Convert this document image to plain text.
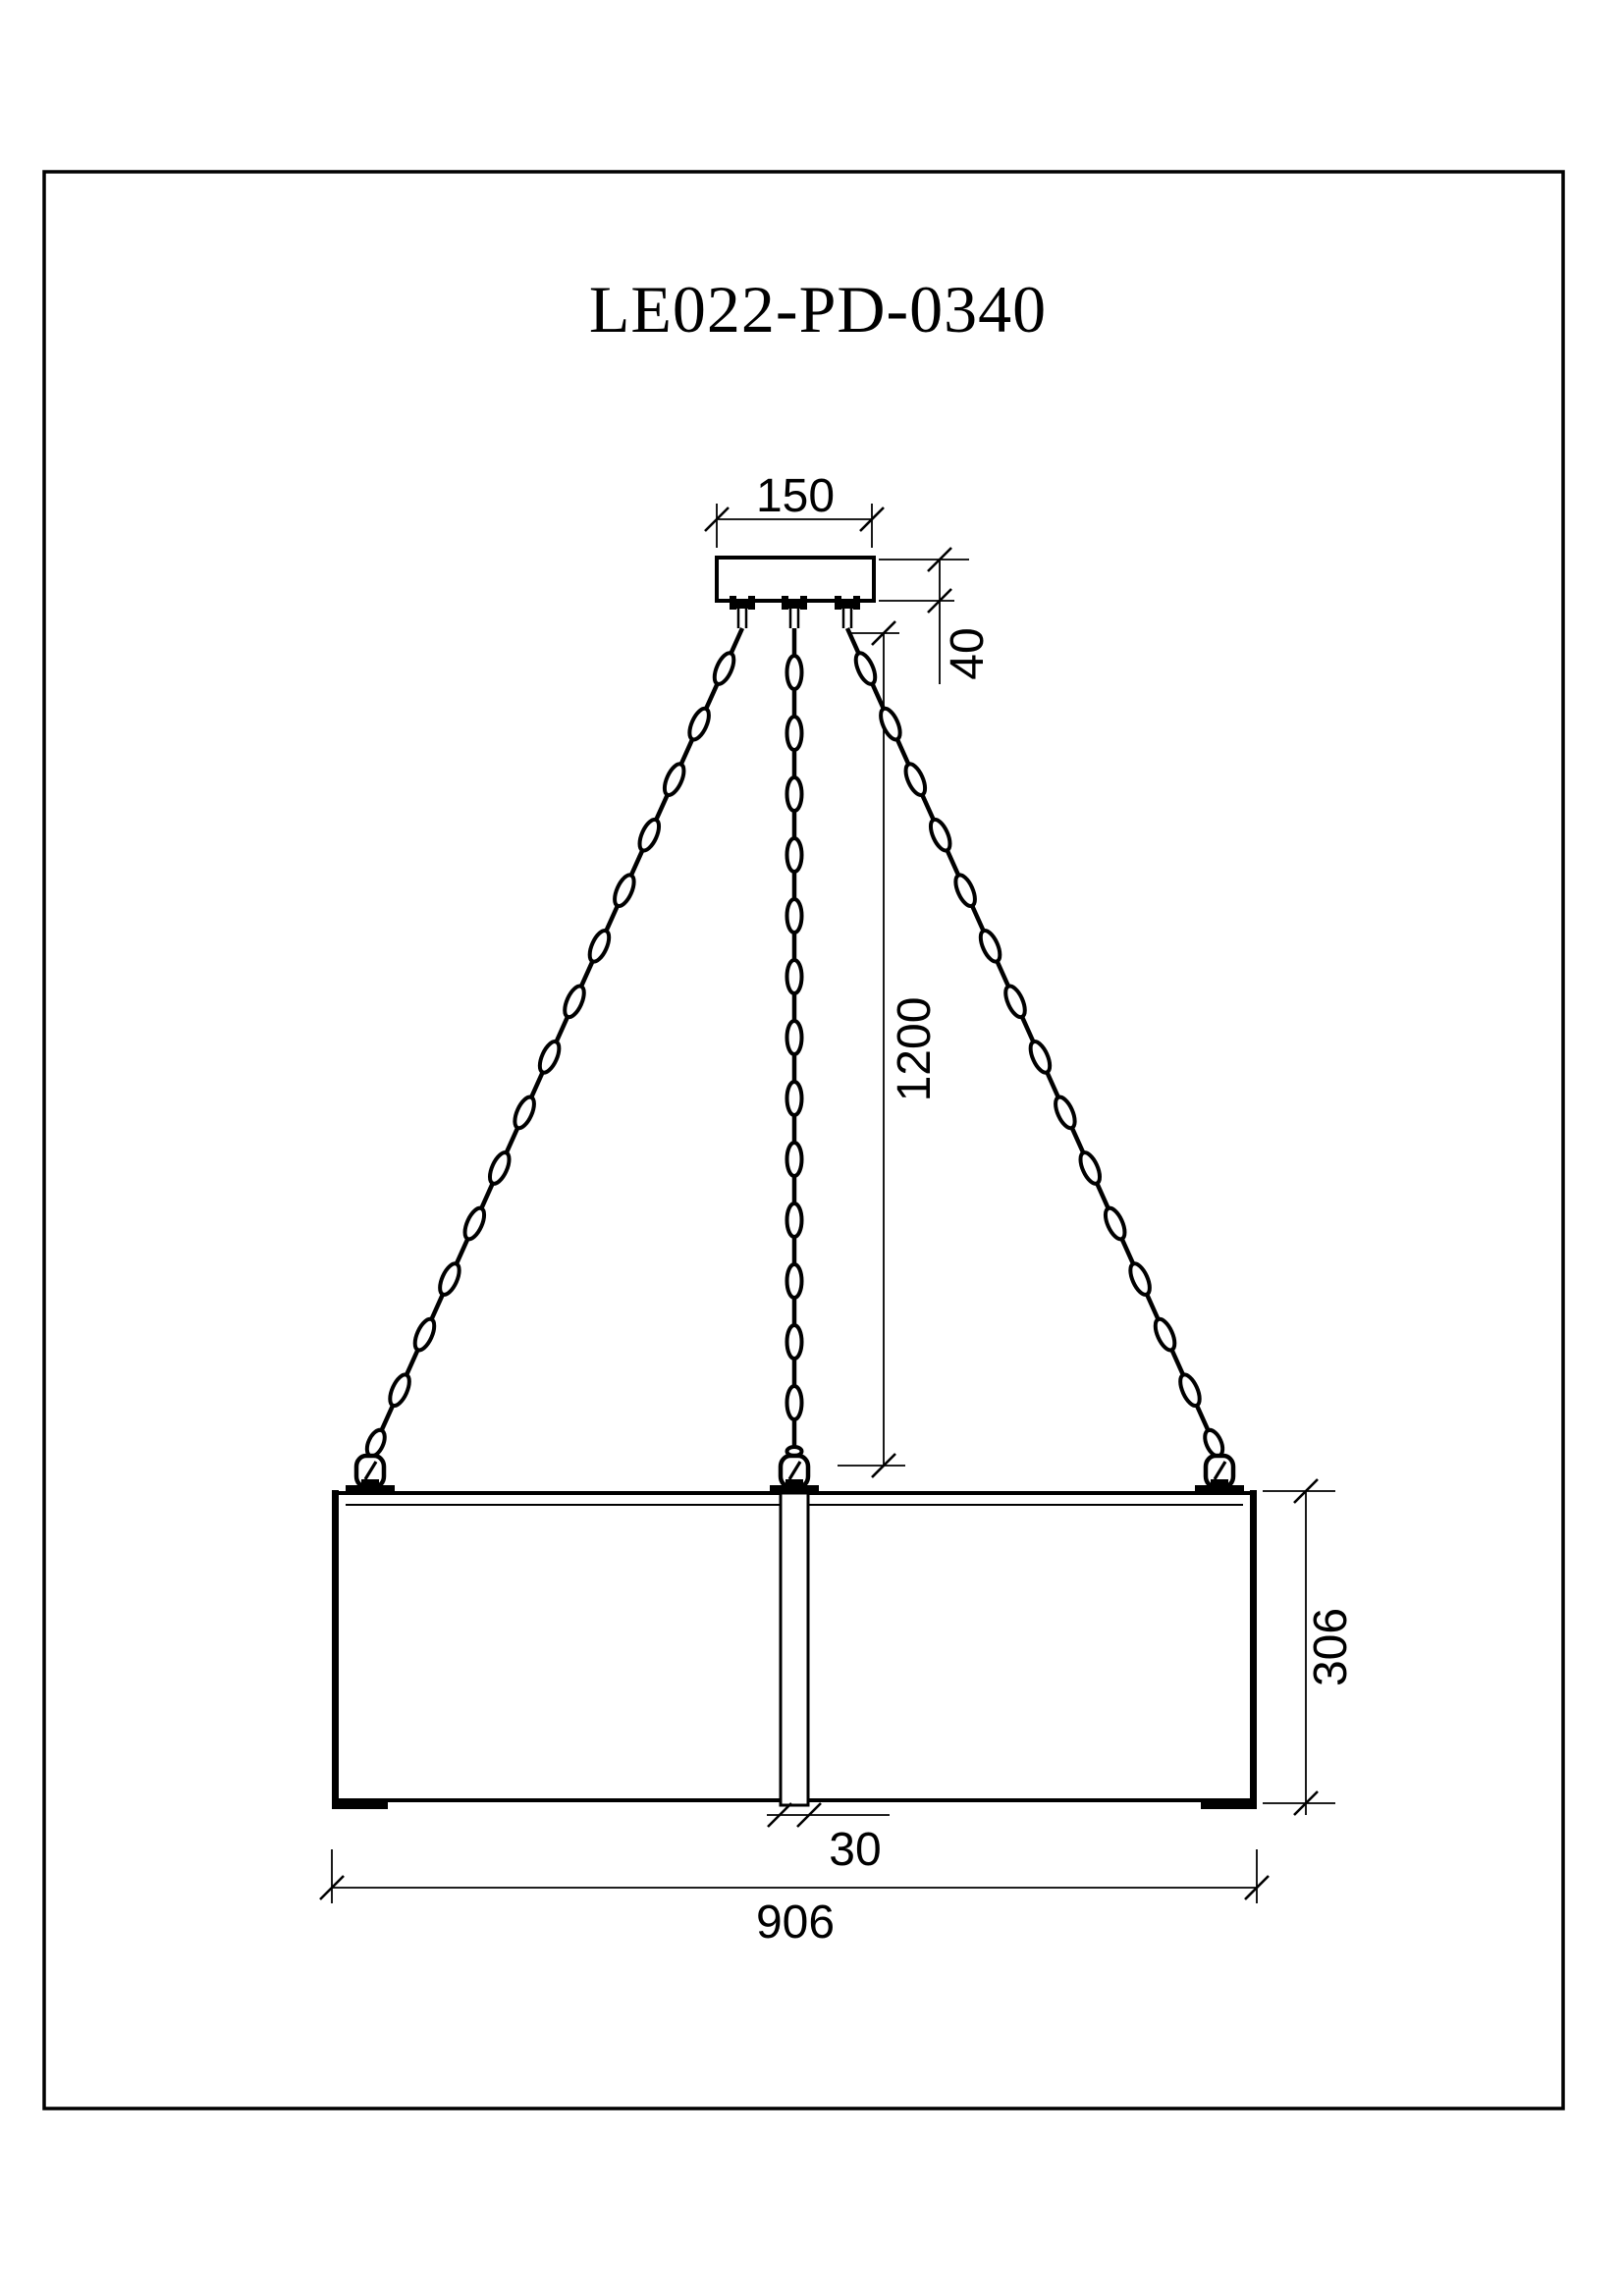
LE022-PD-0340
150
40
1200
30
906
306
